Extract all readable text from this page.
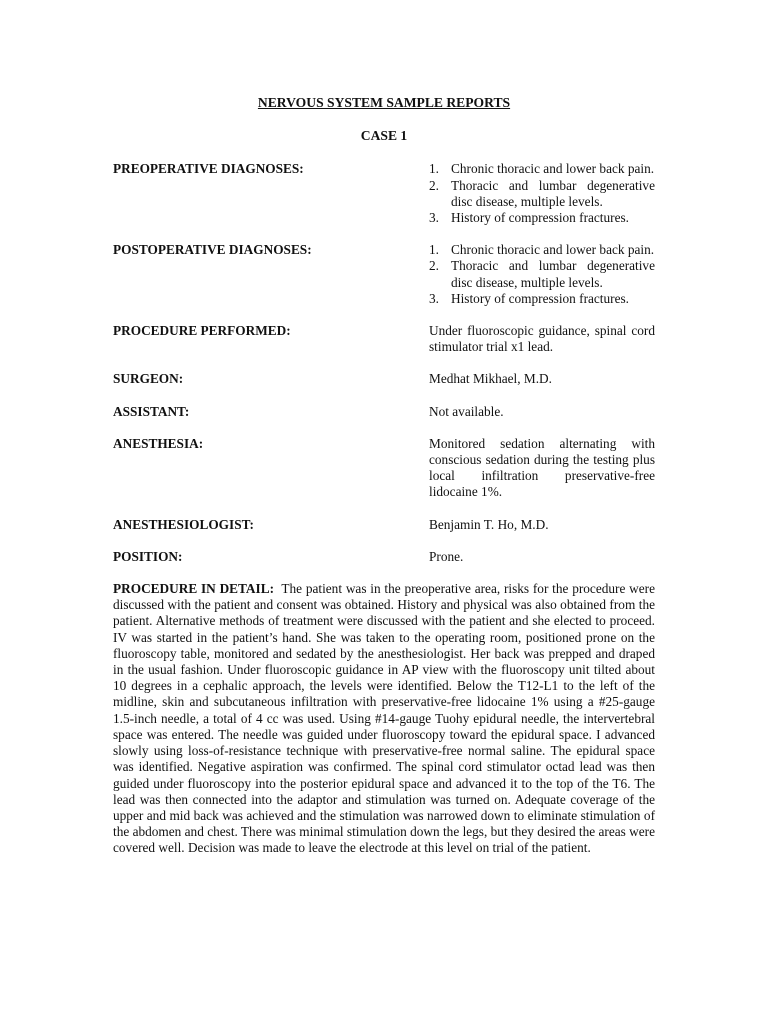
NERVOUS SYSTEM SAMPLE REPORTS
CASE 1
PREOPERATIVE DIAGNOSES:	1. Chronic thoracic and lower back pain.
2. Thoracic and lumbar degenerative disc disease, multiple levels.
3. History of compression fractures.
POSTOPERATIVE DIAGNOSES:	1. Chronic thoracic and lower back pain.
2. Thoracic and lumbar degenerative disc disease, multiple levels.
3. History of compression fractures.
PROCEDURE PERFORMED:	Under fluoroscopic guidance, spinal cord stimulator trial x1 lead.
SURGEON:	Medhat Mikhael, M.D.
ASSISTANT:	Not available.
ANESTHESIA:	Monitored sedation alternating with conscious sedation during the testing plus local infiltration preservative-free lidocaine 1%.
ANESTHESIOLOGIST:	Benjamin T. Ho, M.D.
POSITION:	Prone.
PROCEDURE IN DETAIL: The patient was in the preoperative area, risks for the procedure were discussed with the patient and consent was obtained. History and physical was also obtained from the patient. Alternative methods of treatment were discussed with the patient and she elected to proceed. IV was started in the patient’s hand. She was taken to the operating room, positioned prone on the fluoroscopy table, monitored and sedated by the anesthesiologist. Her back was prepped and draped in the usual fashion. Under fluoroscopic guidance in AP view with the fluoroscopy unit tilted about 10 degrees in a cephalic approach, the levels were identified. Below the T12-L1 to the left of the midline, skin and subcutaneous infiltration with preservative-free lidocaine 1% using a #25-gauge 1.5-inch needle, a total of 4 cc was used. Using #14-gauge Tuohy epidural needle, the intervertebral space was entered. The needle was guided under fluoroscopy toward the epidural space. I advanced slowly using loss-of-resistance technique with preservative-free normal saline. The epidural space was identified. Negative aspiration was confirmed. The spinal cord stimulator octad lead was then guided under fluoroscopy into the posterior epidural space and advanced it to the top of the T6. The lead was then connected into the adaptor and stimulation was turned on. Adequate coverage of the upper and mid back was achieved and the stimulation was narrowed down to eliminate stimulation of the abdomen and chest. There was minimal stimulation down the legs, but they desired the areas were covered well. Decision was made to leave the electrode at this level on trial of the patient.
